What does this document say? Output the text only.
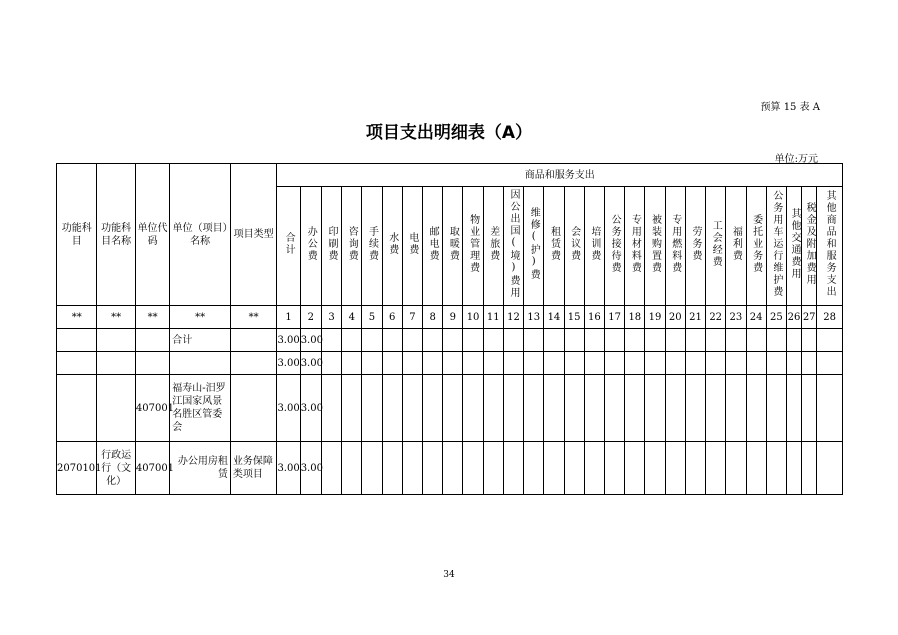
预算 15 表 A
项目支出明细表（A）
单位:万元
功能科目	功能科目名称	单位代码	单位（项目）名称	项目类型	商品和服务支出																											
					合计	办公费	印刷费	咨询费	手续费	水费	电费	邮电费	取暖费	物业管理费	差旅费	因公出国(境)费用	维修(护)费	租赁费	会议费	培训费	公务接待费	专用材料费	被装购置费	专用燃料费	劳务费	工会经费	福利费	委托业务费	公务用车运行维护费	其他交通费用	税金及附加费用	其他商品和服务支出
**	**	**	**	**	1	2	3	4	5	6	7	8	9	10	11	12	13	14	15	16	17	18	19	20	21	22	23	24	25	26	27	28
			合计		3.00	3.00																										
					3.00	3.00																										
		407001	福寿山-汨罗江国家风景名胜区管委会		3.00	3.00																										
2070101	行政运行（文化）	407001	办公用房租赁	业务保障类项目	3.00	3.00																										
34
